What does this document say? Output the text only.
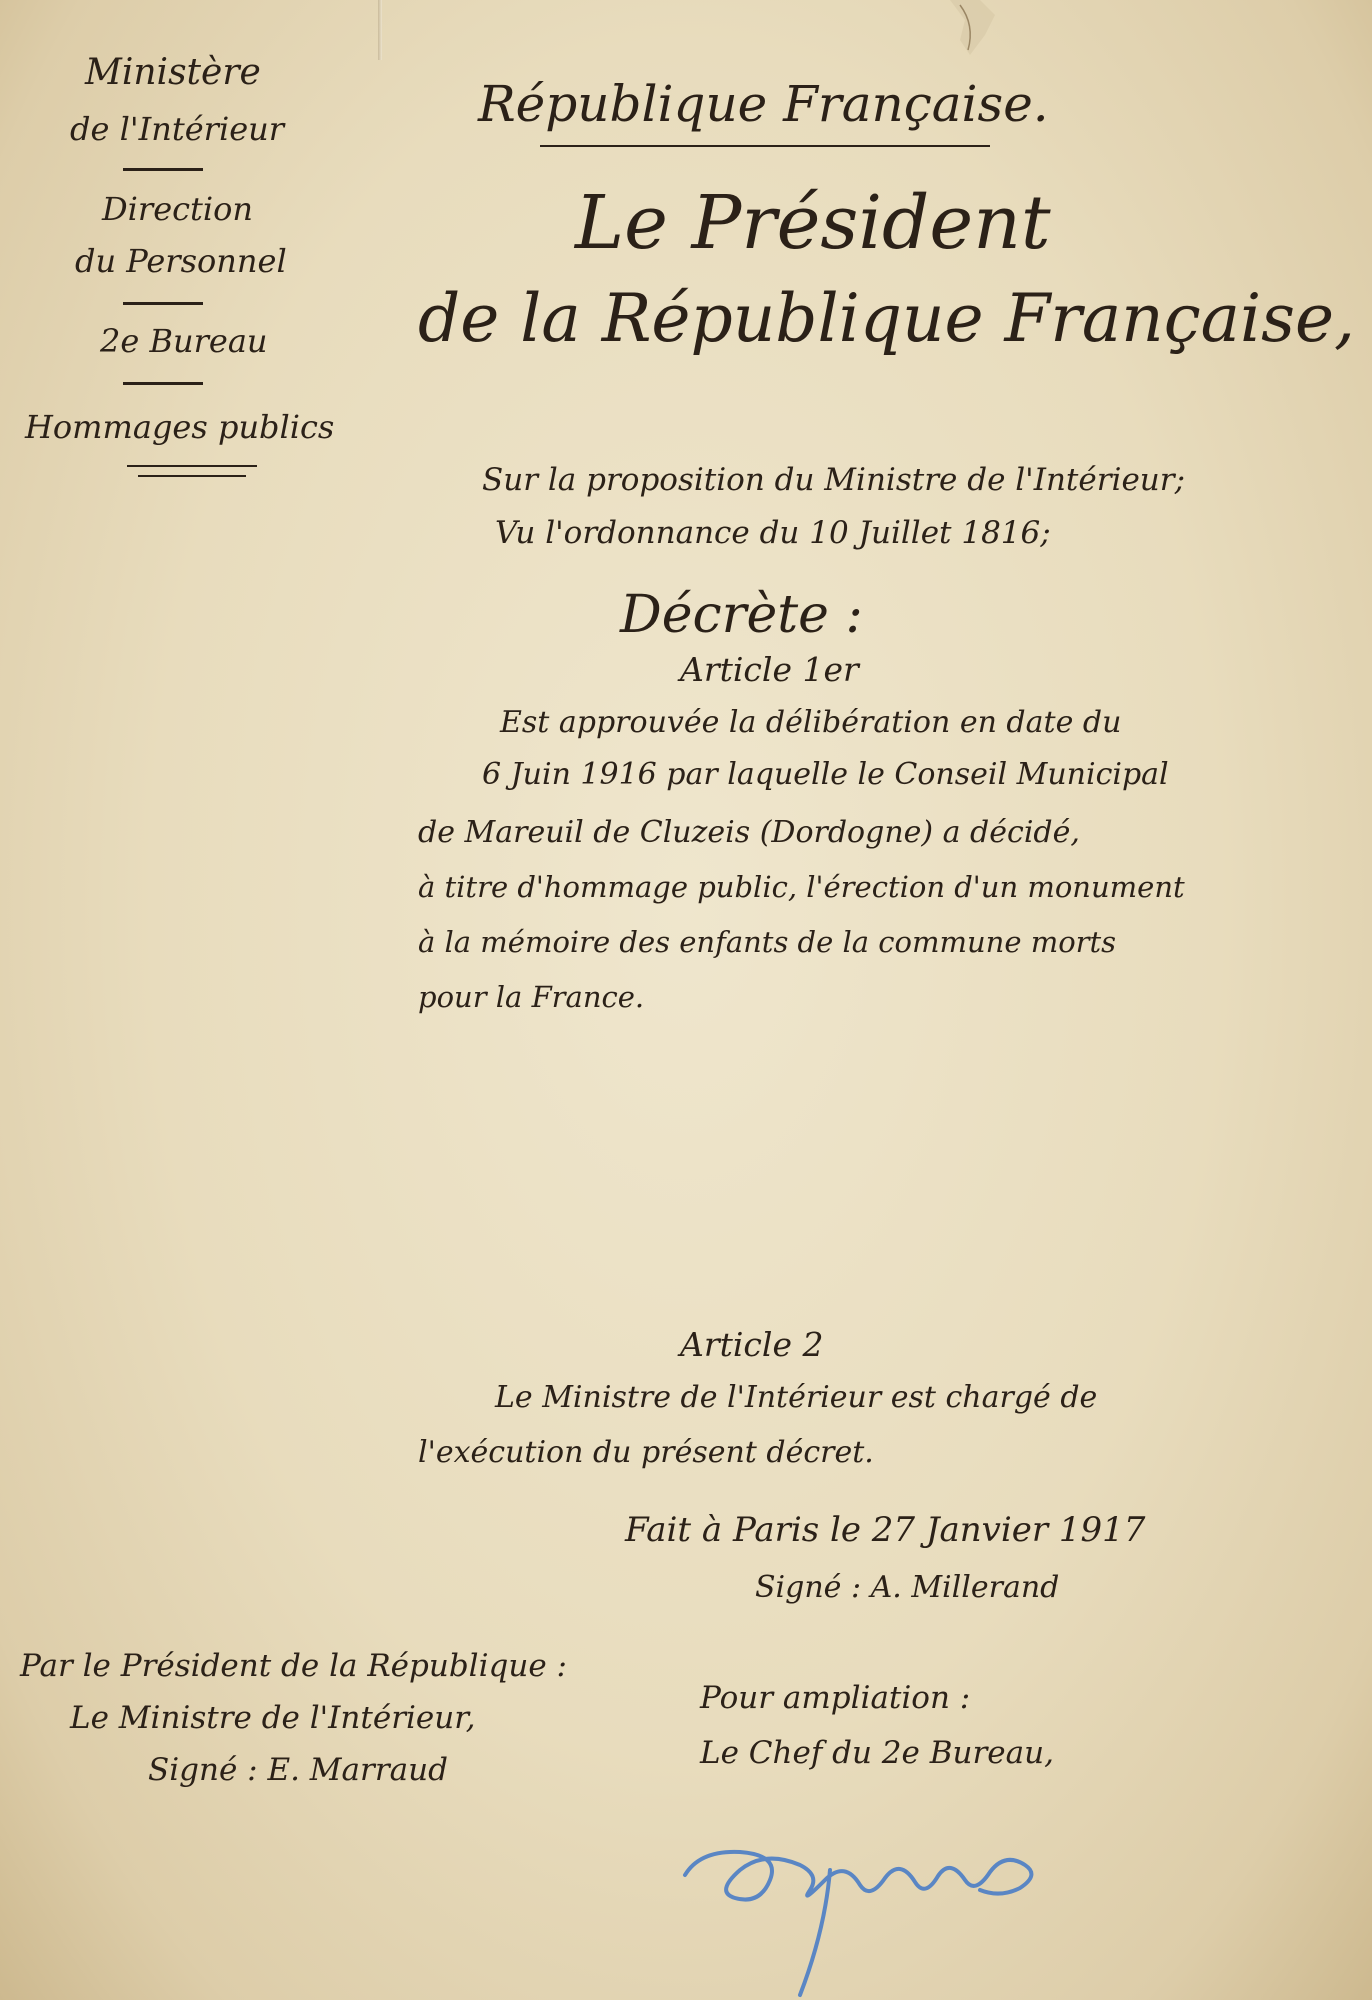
Ministère
de l'Intérieur
Direction
du Personnel
2e Bureau
Hommages publics
République Française.
Le Président
de la République Française,
Sur la proposition du Ministre de l'Intérieur;
Vu l'ordonnance du 10 Juillet 1816;
Décrète :
Article 1er
Est approuvée la délibération en date du
6 Juin 1916 par laquelle le Conseil Municipal
de Mareuil de Cluzeis (Dordogne) a décidé,
à titre d'hommage public, l'érection d'un monument
à la mémoire des enfants de la commune morts
pour la France.
Article 2
Le Ministre de l'Intérieur est chargé de
l'exécution du présent décret.
Fait à Paris le 27 Janvier 1917
Signé : A. Millerand
Par le Président de la République :
Le Ministre de l'Intérieur,
Signé : E. Marraud
Pour ampliation :
Le Chef du 2e Bureau,
